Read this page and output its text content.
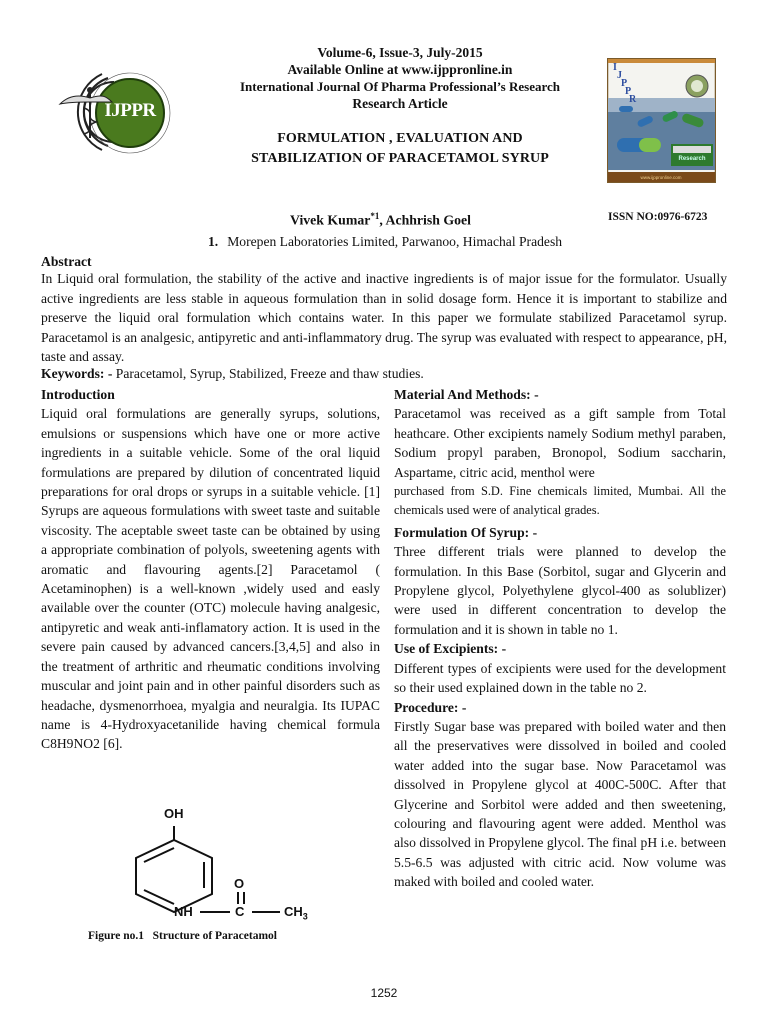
IJPPR
Volume-6, Issue-3, July-2015
Available Online at www.ijppronline.in
International Journal Of Pharma Professional’s Research
Research Article
FORMULATION , EVALUATION AND
STABILIZATION OF PARACETAMOL SYRUP	Research
www.ijppronline.com
I
J
P
P
R
Vivek Kumar$^{*1}$, Achhrish Goel	ISSN NO:0976-6723
1. Morepen Laboratories Limited, Parwanoo, Himachal Pradesh
Abstract
In Liquid oral formulation, the stability of the active and inactive ingredients is of major issue for the formulator. Usually active ingredients are less stable in aqueous formulation than in solid dosage form. Hence it is important to stabilize and preserve the liquid oral formulation which contains water. In this paper we formulate stabilized Paracetamol syrup. Paracetamol is an analgesic, antipyretic and anti-inflammatory drug. The syrup was evaluated with respect to appearance, pH, taste and assay.
Keywords: - Paracetamol, Syrup, Stabilized, Freeze and thaw studies.
Introduction
Liquid oral formulations are generally syrups, solutions, emulsions or suspensions which have one or more active ingredients in a suitable vehicle. Some of the oral liquid formulations are prepared by dilution of concentrated liquid preparations for oral drops or syrups in a suitable vehicle. [1] Syrups are aqueous formulations with sweet taste and suitable viscosity. The aceptable sweet taste can be obtained by using a appropriate combination of polyols, sweetening agents with aromatic and flavouring agents.[2] Paracetamol ( Acetaminophen) is a well-known ,widely used and easly available over the counter (OTC) molecule having analgesic, antipyretic and weak anti-inflamatory action. It is used in the severe pain caused by advanced cancers.[3,4,5] and also in the treatment of arthritic and rheumatic conditions involving muscular and joint pain and in other painful disorders such as headache, dysmenorrhoea, myalgia and neuralgia. Its IUPAC name is 4-Hydroxyacetanilide having chemical formula C8H9NO2 [6].
OH
O
NH	C	$CH_3$
Figure no.1   Structure of Paracetamol
Material And Methods: -
Paracetamol was received as a gift sample from Total heathcare. Other excipients namely Sodium methyl paraben, Sodium propyl paraben, Bronopol, Sodium saccharin, Aspartame, citric acid, menthol were
purchased from S.D. Fine chemicals limited, Mumbai. All the chemicals used were of analytical grades.
Formulation Of Syrup: -
Three different trials were planned to develop the formulation. In this Base (Sorbitol, sugar and Glycerin and Propylene glycol, Polyethylene glycol-400 as solublizer) were used in different concentration to develop the formulation and it is shown in table no 1.
Use of Excipients: -
Different types of excipients were used for the development so their used explained down in the table no 2.
Procedure: -
Firstly Sugar base was prepared with boiled water and then all the preservatives were dissolved in boiled and cooled water added into the sugar base. Now Paracetamol was dissolved in Propylene glycol at 400C-500C. After that Glycerine and Sorbitol were added and then sweetening, colouring and flavouring agent were added. Menthol was also dissolved in Propylene glycol. The final pH i.e. between 5.5-6.5 was adjusted with citric acid. Now volume was maked with boiled and cooled water.
1252
